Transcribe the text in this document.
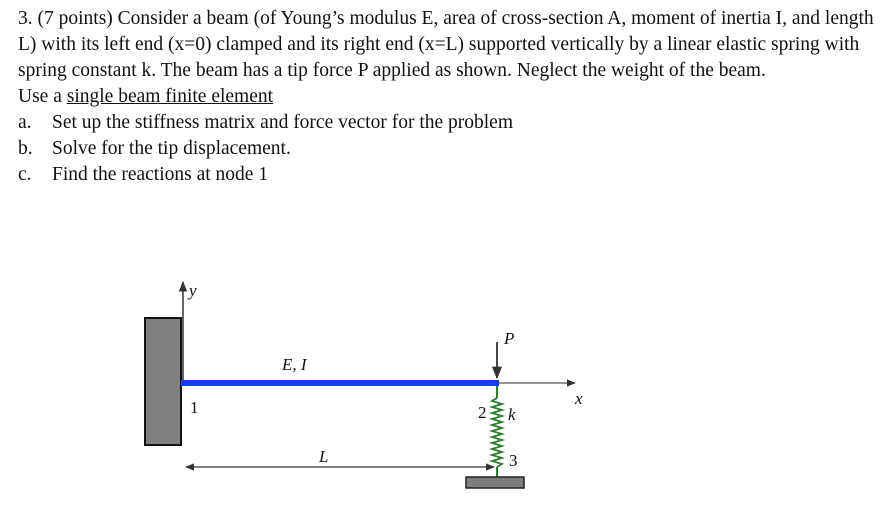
3. (7 points) Consider a beam (of Young’s modulus E, area of cross-section A, moment of inertia I, and length L) with its left end (x=0) clamped and its right end (x=L) supported vertically by a linear elastic spring with spring constant k. The beam has a tip force P applied as shown. Neglect the weight of the beam.

Use a single beam finite element

a.	Set up the stiffness matrix and force vector for the problem
b. Solve for the tip displacement.
c.	Find the reactions at node 1
y
x
E, I
P
1	2
3
k
L
